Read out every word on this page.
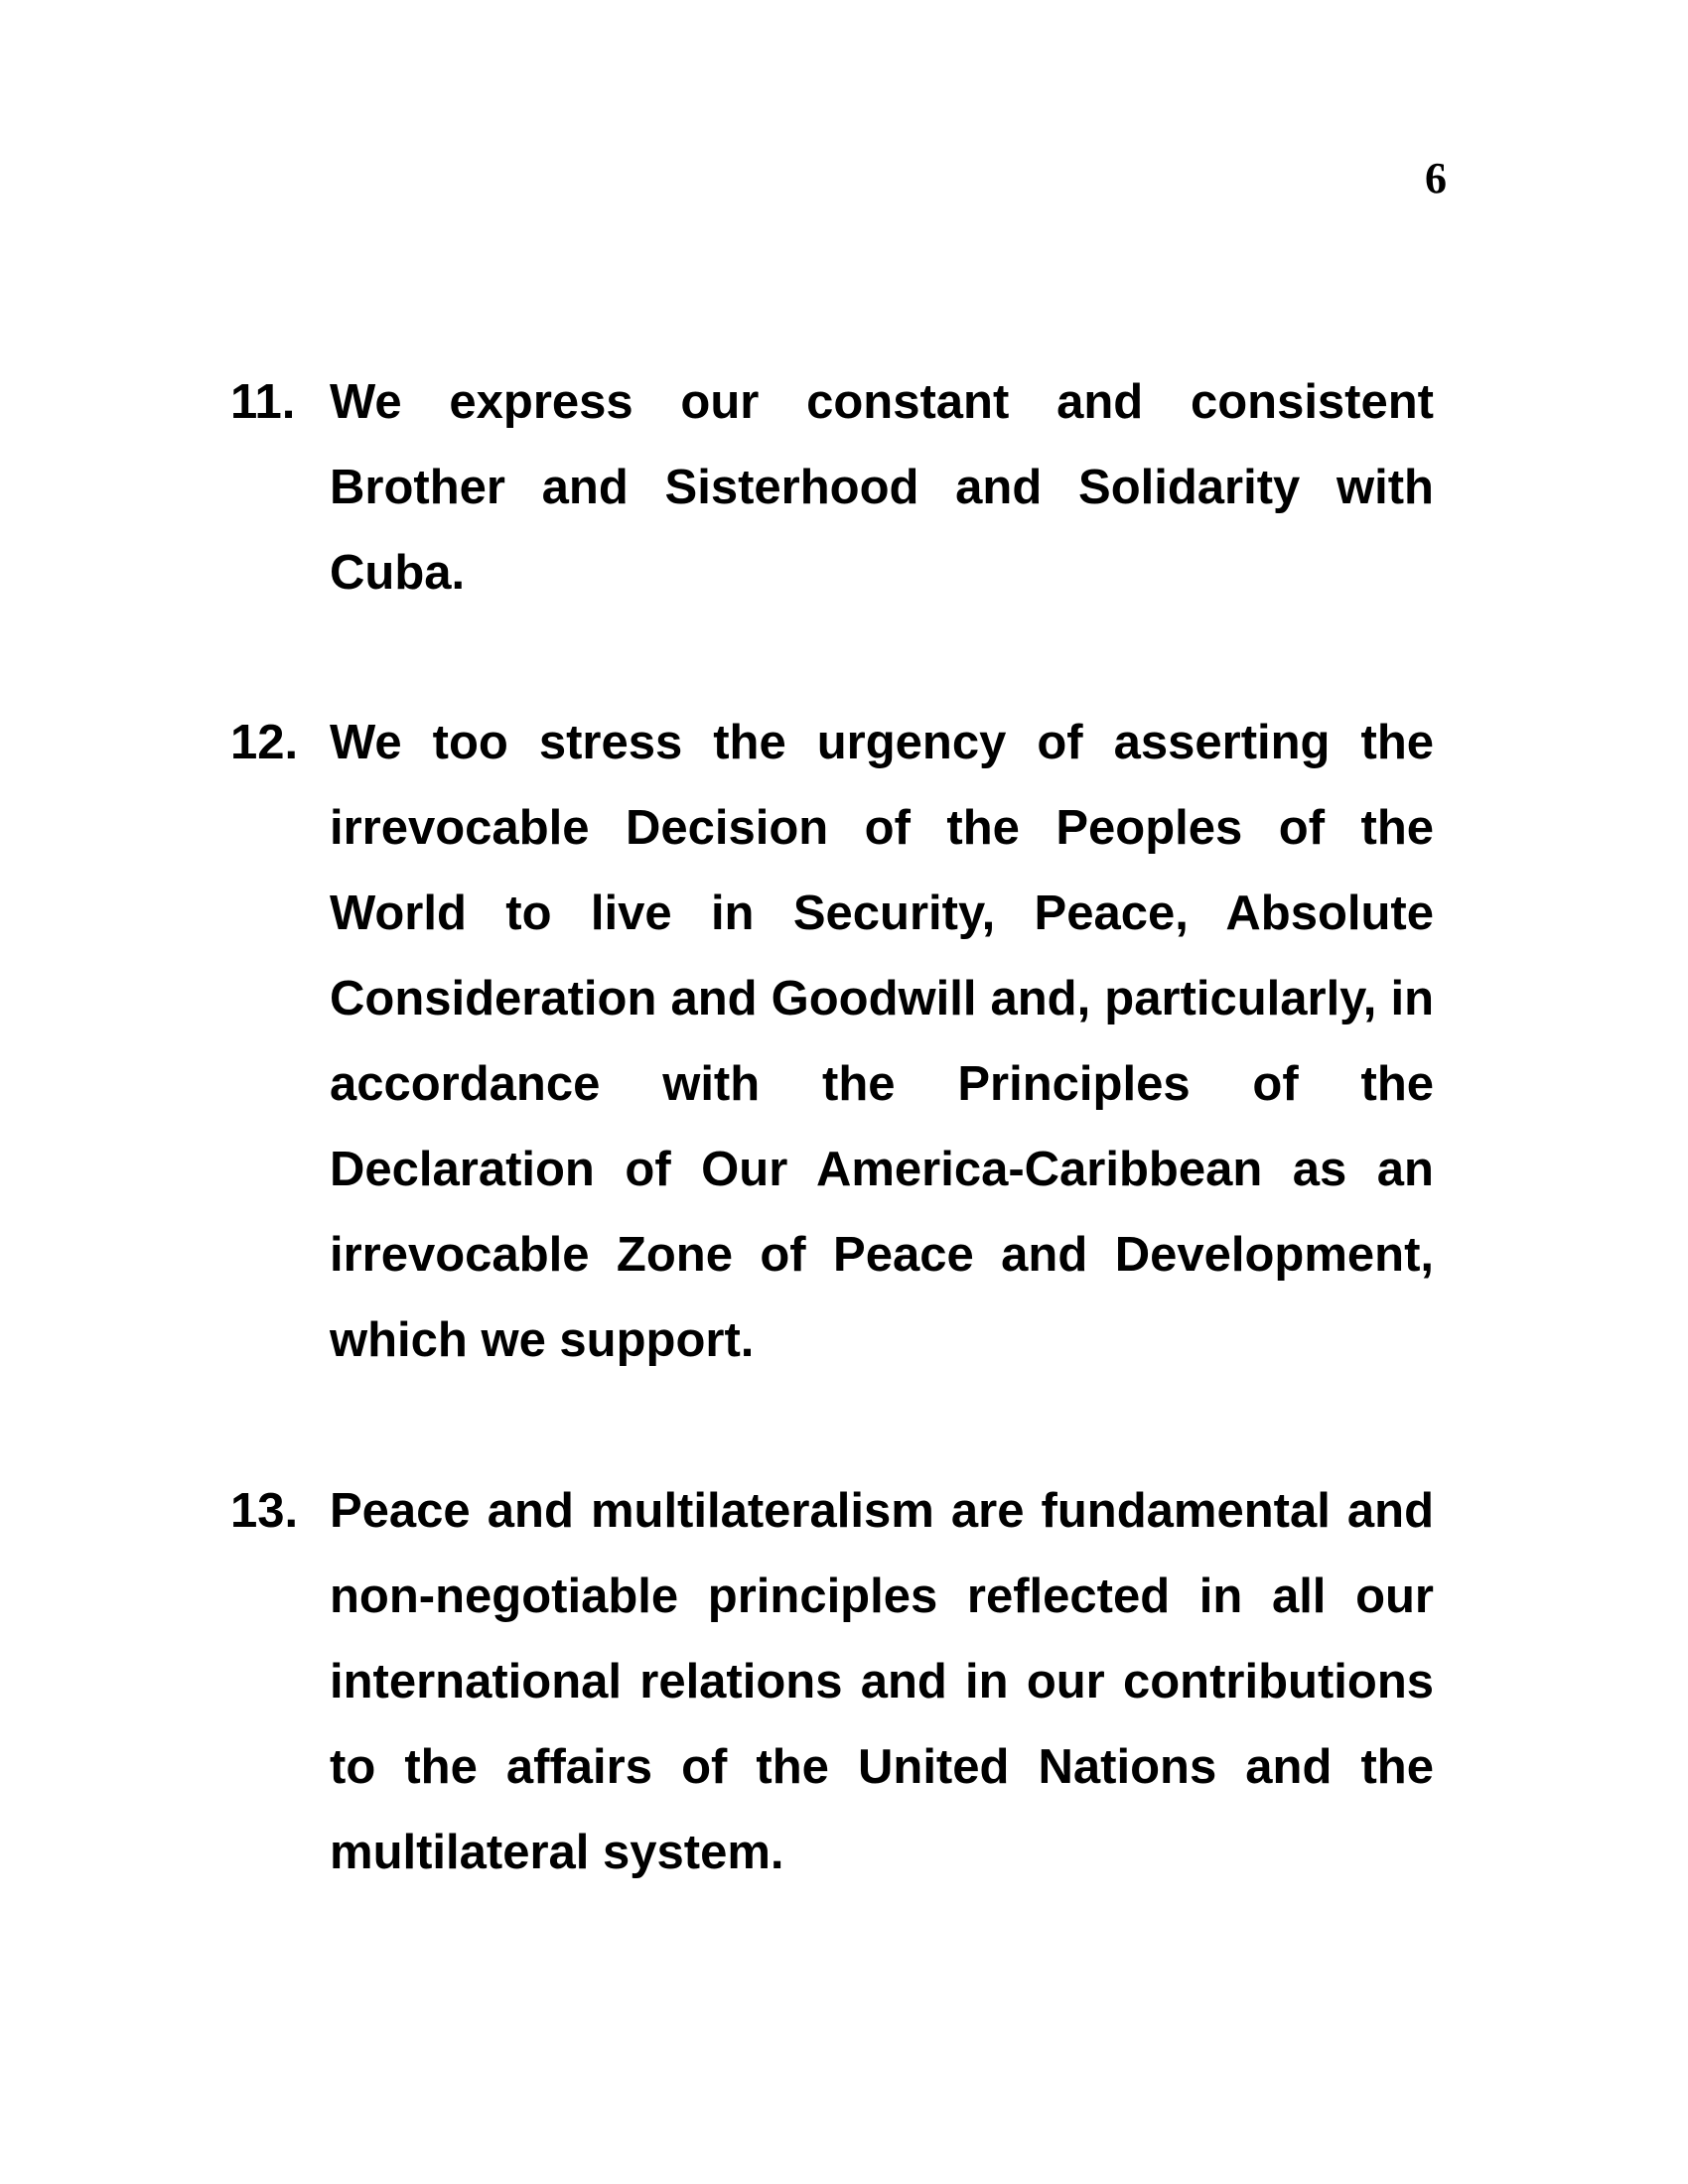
6
11. We express our constant and consistent Brother and Sisterhood and Solidarity with Cuba.
12. We too stress the urgency of asserting the irrevocable Decision of the Peoples of the World to live in Security, Peace, Absolute Consideration and Goodwill and, particularly, in accordance with the Principles of the Declaration of Our America-Caribbean as an irrevocable Zone of Peace and Development, which we support.
13. Peace and multilateralism are fundamental and non-negotiable principles reflected in all our international relations and in our contributions to the affairs of the United Nations and the multilateral system.
